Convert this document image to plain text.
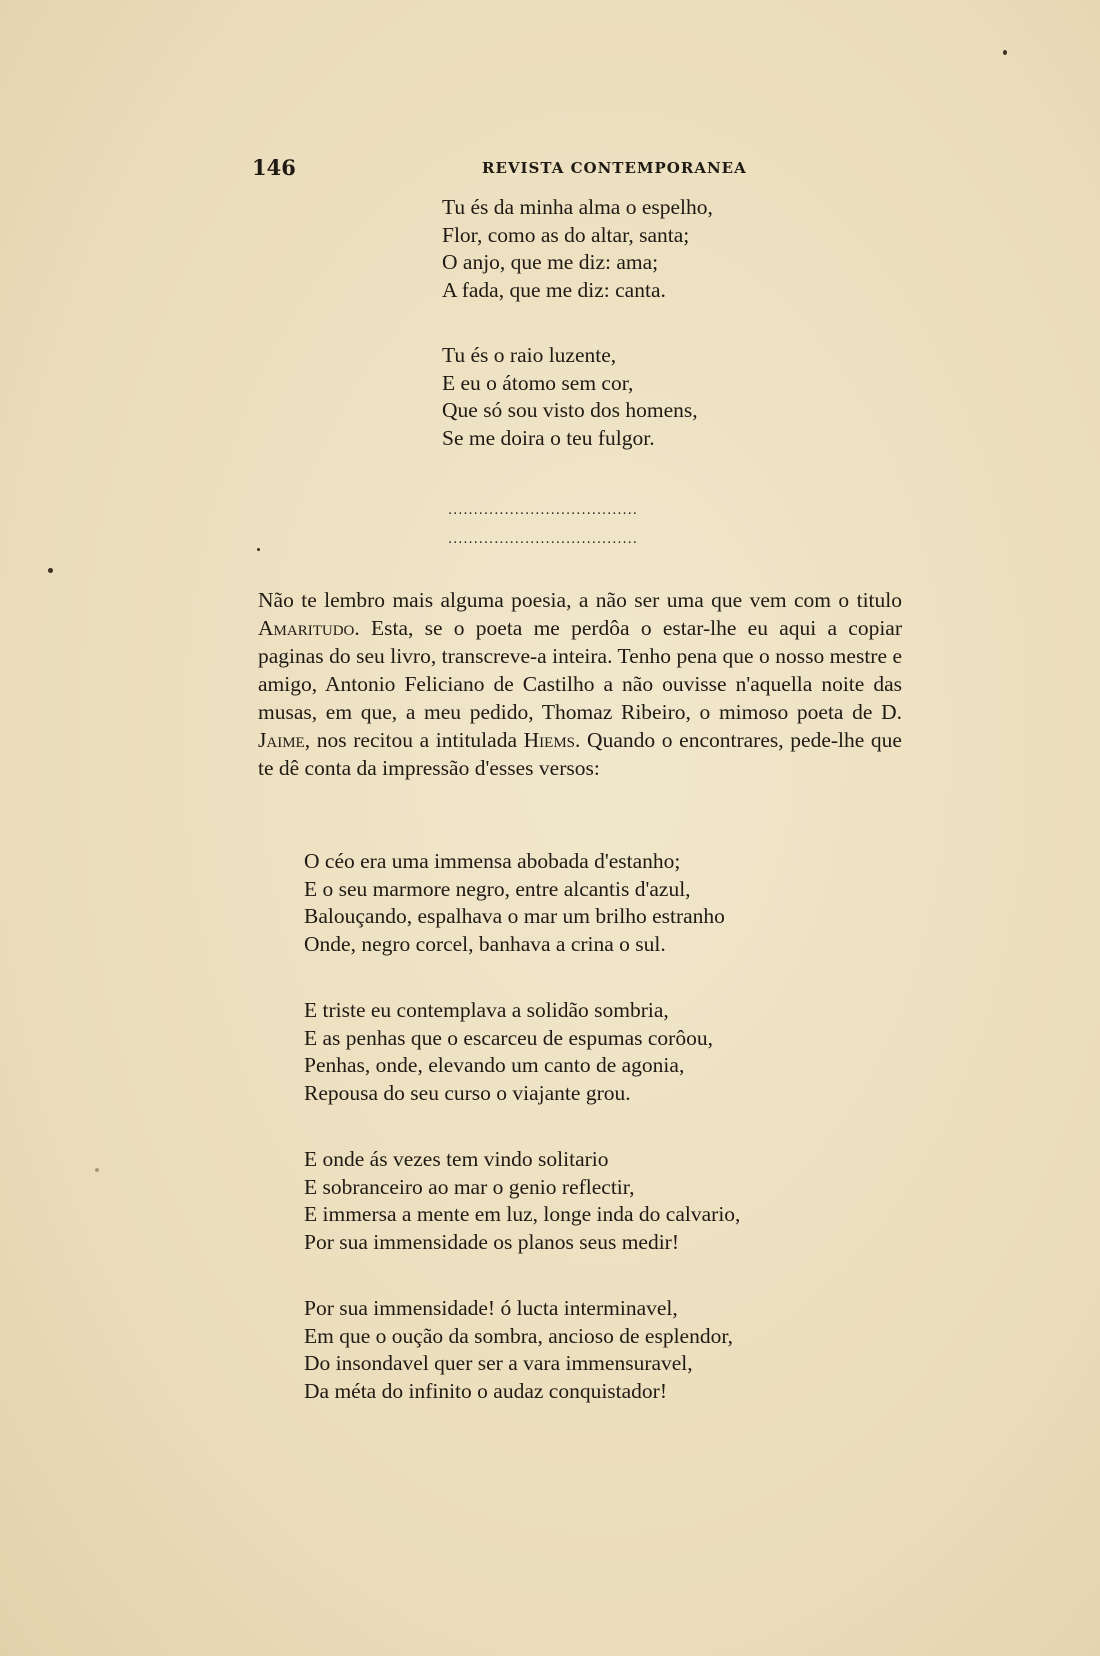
146	REVISTA CONTEMPORANEA
Tu és da minha alma o espelho,
Flor, como as do altar, santa;
O anjo, que me diz: ama;
A fada, que me diz: canta.
Tu és o raio luzente,
E eu o átomo sem cor,
Que só sou visto dos homens,
Se me doira o teu fulgor.
.....................................
.....................................
Não te lembro mais alguma poesia, a não ser uma que vem com o titulo Amaritudo. Esta, se o poeta me perdôa o estar-lhe eu aqui a copiar paginas do seu livro, transcreve-a inteira. Tenho pena que o nosso mestre e amigo, Antonio Feliciano de Castilho a não ouvisse n'aquella noite das musas, em que, a meu pedido, Thomaz Ribeiro, o mimoso poeta de D. Jaime, nos recitou a intitulada Hiems. Quando o encontrares, pede-lhe que te dê conta da impressão d'esses versos:
O céo era uma immensa abobada d'estanho;
E o seu marmore negro, entre alcantis d'azul,
Balouçando, espalhava o mar um brilho estranho
Onde, negro corcel, banhava a crina o sul.
E triste eu contemplava a solidão sombria,
E as penhas que o escarceu de espumas corôou,
Penhas, onde, elevando um canto de agonia,
Repousa do seu curso o viajante grou.
E onde ás vezes tem vindo solitario
E sobranceiro ao mar o genio reflectir,
E immersa a mente em luz, longe inda do calvario,
Por sua immensidade os planos seus medir!
Por sua immensidade! ó lucta interminavel,
Em que o oução da sombra, ancioso de esplendor,
Do insondavel quer ser a vara immensuravel,
Da méta do infinito o audaz conquistador!
